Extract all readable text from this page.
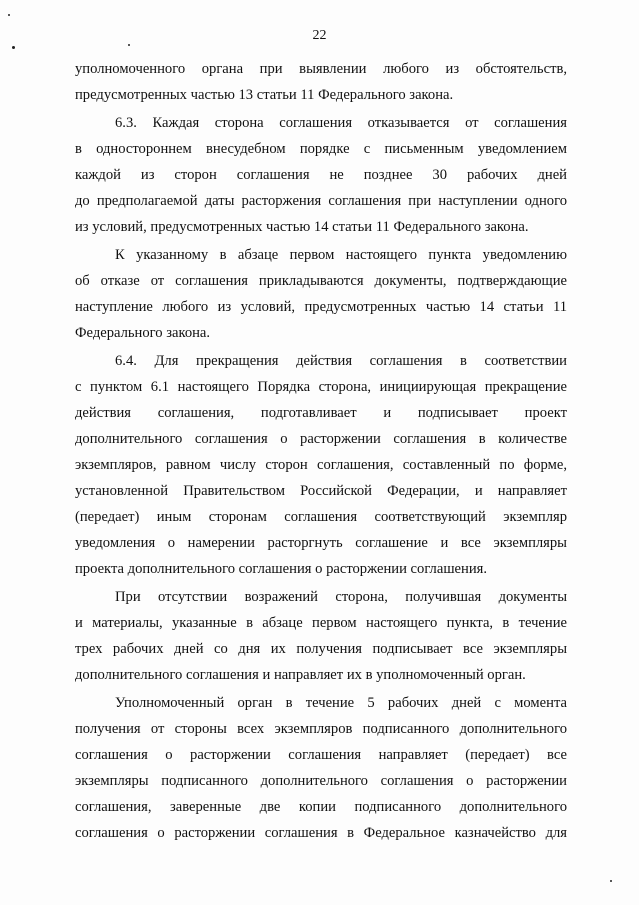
22
уполномоченного органа при выявлении любого из обстоятельств,
предусмотренных частью 13 статьи 11 Федерального закона.
6.3. Каждая сторона соглашения отказывается от соглашения
в одностороннем внесудебном порядке с письменным уведомлением
каждой из сторон соглашения не позднее 30 рабочих дней
до предполагаемой даты расторжения соглашения при наступлении одного
из условий, предусмотренных частью 14 статьи 11 Федерального закона.
К указанному в абзаце первом настоящего пункта уведомлению
об отказе от соглашения прикладываются документы, подтверждающие
наступление любого из условий, предусмотренных частью 14 статьи 11
Федерального закона.
6.4. Для прекращения действия соглашения в соответствии
с пунктом 6.1 настоящего Порядка сторона, инициирующая прекращение
действия соглашения, подготавливает и подписывает проект
дополнительного соглашения о расторжении соглашения в количестве
экземпляров, равном числу сторон соглашения, составленный по форме,
установленной Правительством Российской Федерации, и направляет
(передает) иным сторонам соглашения соответствующий экземпляр
уведомления о намерении расторгнуть соглашение и все экземпляры
проекта дополнительного соглашения о расторжении соглашения.
При отсутствии возражений сторона, получившая документы
и материалы, указанные в абзаце первом настоящего пункта, в течение
трех рабочих дней со дня их получения подписывает все экземпляры
дополнительного соглашения и направляет их в уполномоченный орган.
Уполномоченный орган в течение 5 рабочих дней с момента
получения от стороны всех экземпляров подписанного дополнительного
соглашения о расторжении соглашения направляет (передает) все
экземпляры подписанного дополнительного соглашения о расторжении
соглашения, заверенные две копии подписанного дополнительного
соглашения о расторжении соглашения в Федеральное казначейство для
